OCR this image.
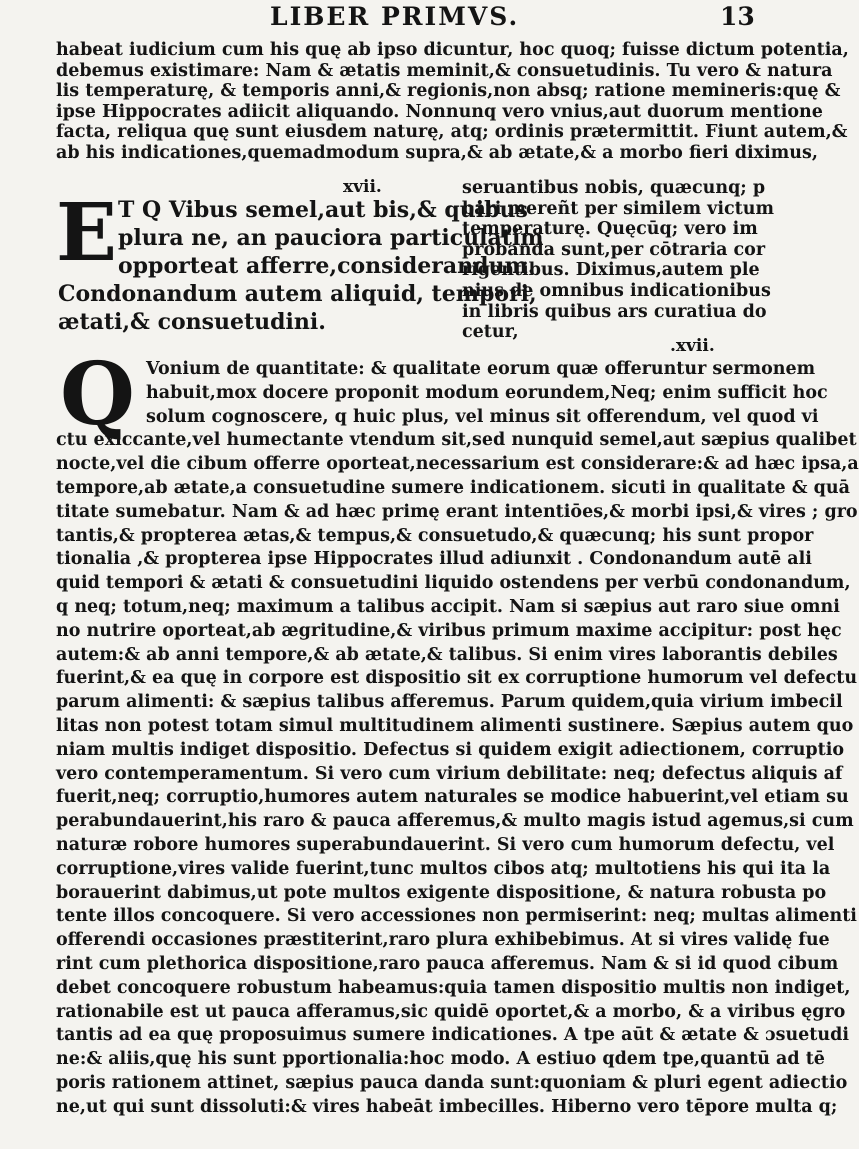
LIBER PRIMVS.	13
habeat iudicium cum his quę ab ipso dicuntur, hoc quoq; fuisse dictum potentia,
debemus existimare: Nam & ætatis meminit,& consuetudinis. Tu vero & natura
lis temperaturę, & temporis anni,& regionis,non absq; ratione memineris:quę &
ipse Hippocrates adiicit aliquando. Nonnunq vero vnius,aut duorum mentione
facta, reliqua quę sunt eiusdem naturę, atq; ordinis prætermittit. Fiunt autem,&
ab his indicationes,quemadmodum supra,& ab ætate,& a morbo fieri diximus,
xvii.
E T Q Vibus semel,aut bis,& quibus
plura ne, an pauciora particulatim
opporteat afferre,considerandum.
Condonandum autem aliquid, tempori,
ætati,& consuetudini.
seruantibus nobis, quæcunq; p
bari mereñt per similem victum
temperaturę. Quęcūq; vero im
probanda sunt,per cōtraria cor
rigentibus. Diximus,autem ple
nius de omnibus indicationibus
in libris quibus ars curatiua do
cetur,
.xvii.
Q Vonium de quantitate: & qualitate eorum quæ offeruntur sermonem
habuit,mox docere proponit modum eorundem,Neq; enim sufficit hoc
solum cognoscere, q huic plus, vel minus sit offerendum, vel quod vi
ctu exiccante,vel humectante vtendum sit,sed nunquid semel,aut sæpius qualibet
nocte,vel die cibum offerre oporteat,necessarium est considerare:& ad hæc ipsa,a
tempore,ab ætate,a consuetudine sumere indicationem. sicuti in qualitate & quā
titate sumebatur. Nam & ad hæc primę erant intentiōes,& morbi ipsi,& vires ; gro
tantis,& propterea ætas,& tempus,& consuetudo,& quæcunq; his sunt propor
tionalia ,& propterea ipse Hippocrates illud adiunxit . Condonandum autē ali
quid tempori & ætati & consuetudini liquido ostendens per verbū condonandum,
q neq; totum,neq; maximum a talibus accipit. Nam si sæpius aut raro siue omni
no nutrire oporteat,ab ægritudine,& viribus primum maxime accipitur: post hęc
autem:& ab anni tempore,& ab ætate,& talibus. Si enim vires laborantis debiles
fuerint,& ea quę in corpore est dispositio sit ex corruptione humorum vel defectu
parum alimenti: & sæpius talibus afferemus. Parum quidem,quia virium imbecil
litas non potest totam simul multitudinem alimenti sustinere. Sæpius autem quo
niam multis indiget dispositio. Defectus si quidem exigit adiectionem, corruptio
vero contemperamentum. Si vero cum virium debilitate: neq; defectus aliquis af
fuerit,neq; corruptio,humores autem naturales se modice habuerint,vel etiam su
perabundauerint,his raro & pauca afferemus,& multo magis istud agemus,si cum
naturæ robore humores superabundauerint. Si vero cum humorum defectu, vel
corruptione,vires valide fuerint,tunc multos cibos atq; multotiens his qui ita la
borauerint dabimus,ut pote multos exigente dispositione, & natura robusta po
tente illos concoquere. Si vero accessiones non permiserint: neq; multas alimenti
offerendi occasiones præstiterint,raro plura exhibebimus. At si vires validę fue
rint cum plethorica dispositione,raro pauca afferemus. Nam & si id quod cibum
debet concoquere robustum habeamus:quia tamen dispositio multis non indiget,
rationabile est ut pauca afferamus,sic quidē oportet,& a morbo, & a viribus ęgro
tantis ad ea quę proposuimus sumere indicationes. A tpe aūt & ætate & ɔsuetudi
ne:& aliis,quę his sunt pportionalia:hoc modo. A estiuo qdem tpe,quantū ad tē
poris rationem attinet, sæpius pauca danda sunt:quoniam & pluri egent adiectio
ne,ut qui sunt dissoluti:& vires habeāt imbecilles. Hiberno vero tēpore multa q;
